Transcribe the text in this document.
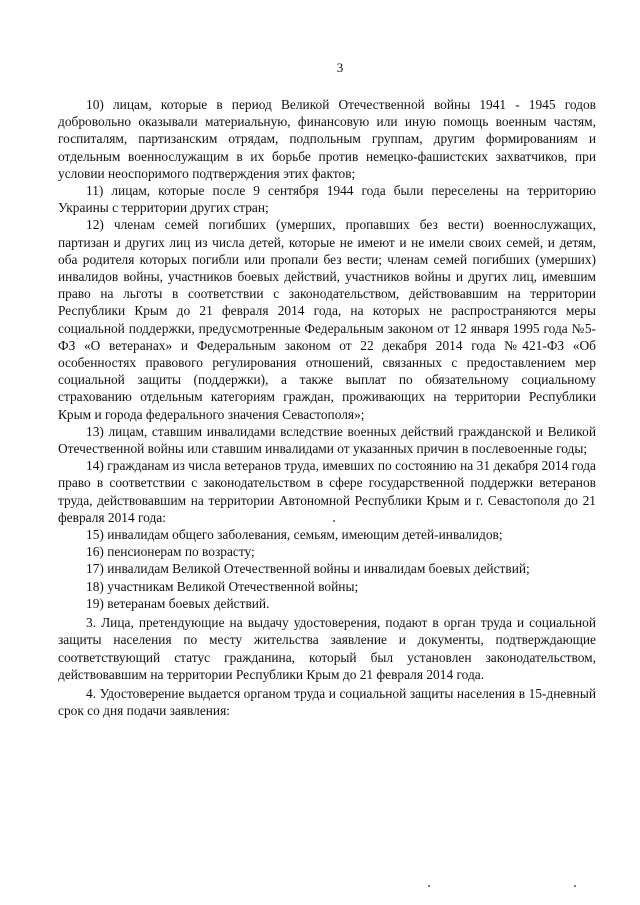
3

10) лицам, которые в период Великой Отечественной войны 1941 - 1945 годов добровольно оказывали материальную, финансовую или иную помощь военным частям, госпиталям, партизанским отрядам, подпольным группам, другим формированиям и отдельным военнослужащим в их борьбе против немецко-фашистских захватчиков, при условии неоспоримого подтверждения этих фактов;

11) лицам, которые после 9 сентября 1944 года были переселены на территорию Украины с территории других стран;

12) членам семей погибших (умерших, пропавших без вести) военнослужащих, партизан и других лиц из числа детей, которые не имеют и не имели своих семей, и детям, оба родителя которых погибли или пропали без вести; членам семей погибших (умерших) инвалидов войны, участников боевых действий, участников войны и других лиц, имевшим право на льготы в соответствии с законодательством, действовавшим на территории Республики Крым до 21 февраля 2014 года, на которых не распространяются меры социальной поддержки, предусмотренные Федеральным законом от 12 января 1995 года №5-ФЗ «О ветеранах» и Федеральным законом от 22 декабря 2014 года №421-ФЗ «Об особенностях правового регулирования отношений, связанных с предоставлением мер социальной защиты (поддержки), а также выплат по обязательному социальному страхованию отдельным категориям граждан, проживающих на территории Республики Крым и города федерального значения Севастополя»;

13) лицам, ставшим инвалидами вследствие военных действий гражданской и Великой Отечественной войны или ставшим инвалидами от указанных причин в послевоенные годы;

14) гражданам из числа ветеранов труда, имевших по состоянию на 31 декабря 2014 года право в соответствии с законодательством в сфере государственной поддержки ветеранов труда, действовавшим на территории Автономной Республики Крым и г. Севастополя до 21 февраля 2014 года:

15) инвалидам общего заболевания, семьям, имеющим детей-инвалидов;

16) пенсионерам по возрасту;

17) инвалидам Великой Отечественной войны и инвалидам боевых действий;

18) участникам Великой Отечественной войны;

19) ветеранам боевых действий.

3. Лица, претендующие на выдачу удостоверения, подают в орган труда и социальной защиты населения по месту жительства заявление и документы, подтверждающие соответствующий статус гражданина, который был установлен законодательством, действовавшим на территории Республики Крым до 21 февраля 2014 года.

4. Удостоверение выдается органом труда и социальной защиты населения в 15-дневный срок со дня подачи заявления:
